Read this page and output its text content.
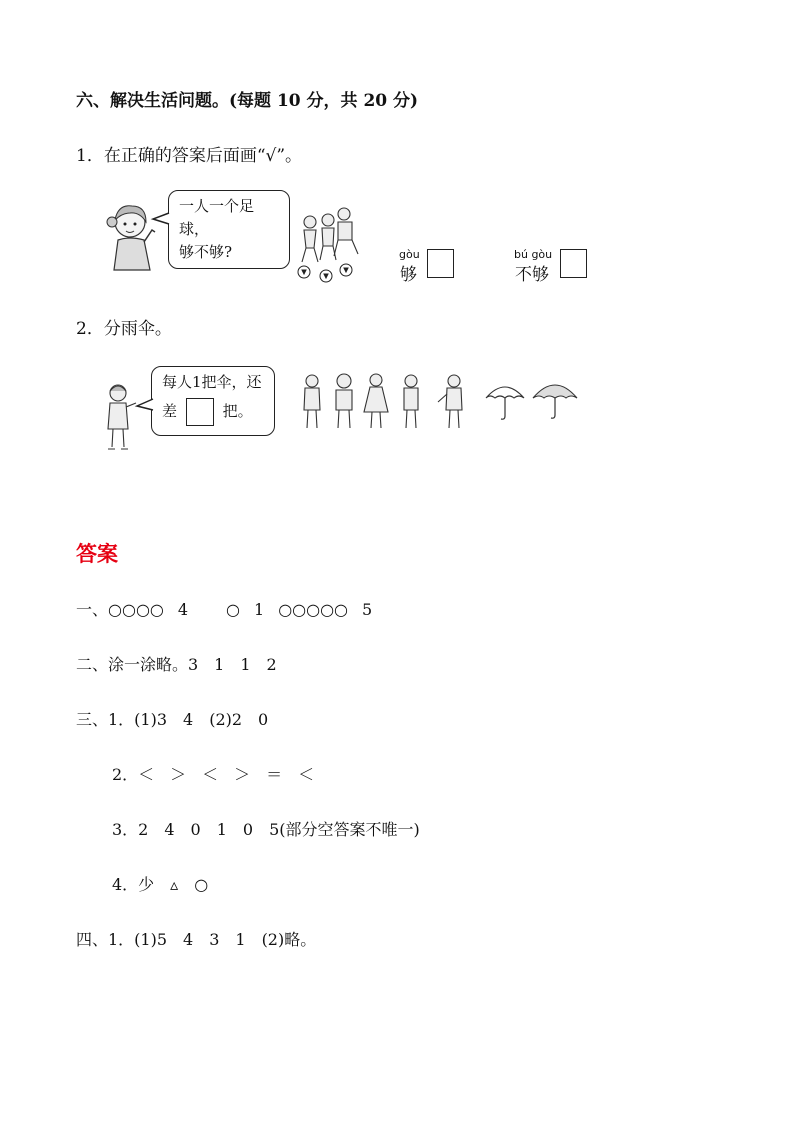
六、解决生活问题。(每题 10 分，共 20 分)
1．在正确的答案后面画“√”。
一人一个足球，
够不够?	gòu
够
bú gòu
不够
2．分雨伞。
每人1把伞，还
差	把。
答案
一、○○○○ 4 ○ 1 ○○○○○ 5
二、涂一涂略。3　1　1　2
三、1．(1)3　4　(2)2　0
2．＜　＞　＜　＞　＝　＜
3．2　4　0　1　0　5(部分空答案不唯一)
4．少　▵　○
四、1．(1)5　4　3　1　(2)略。
